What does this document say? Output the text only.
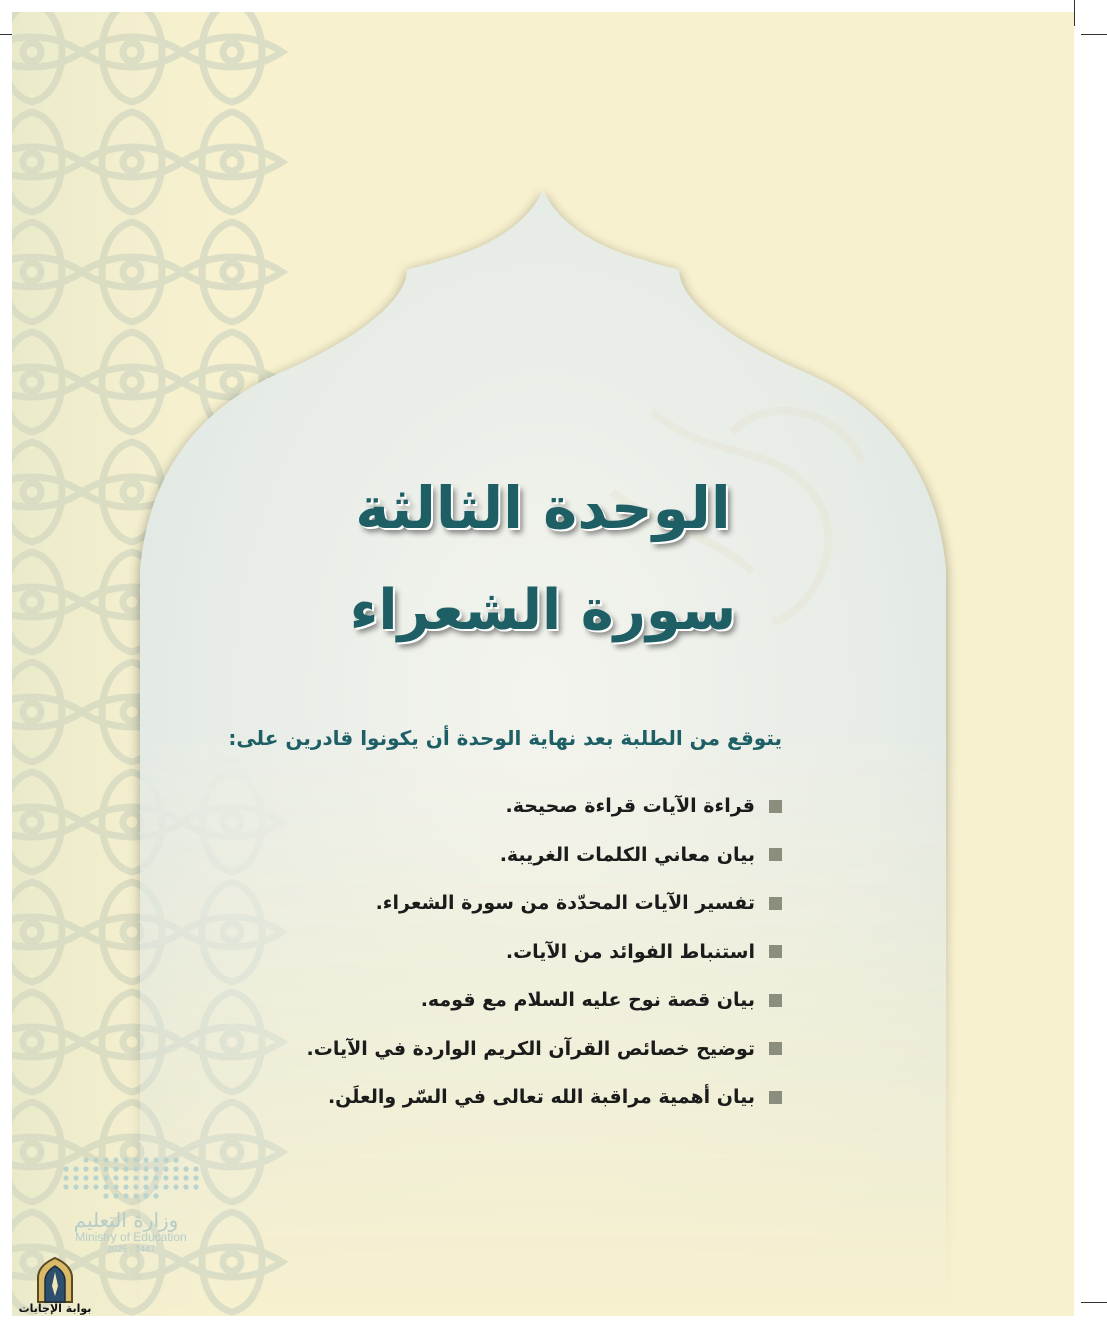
الوحدة الثالثة
سورة الشعراء
يتوقع من الطلبة بعد نهاية الوحدة أن يكونوا قادرين على:
قراءة الآيات قراءة صحيحة.
بيان معاني الكلمات الغريبة.
تفسير الآيات المحدّدة من سورة الشعراء.
استنباط الفوائد من الآيات.
بيان قصة نوح عليه السلام مع قومه.
توضيح خصائص القرآن الكريم الواردة في الآيات.
بيان أهمية مراقبة الله تعالى في السّر والعلَن.
وزارة التعليم
Ministry of Education
2025 - 1447
بوابة الإجابات
